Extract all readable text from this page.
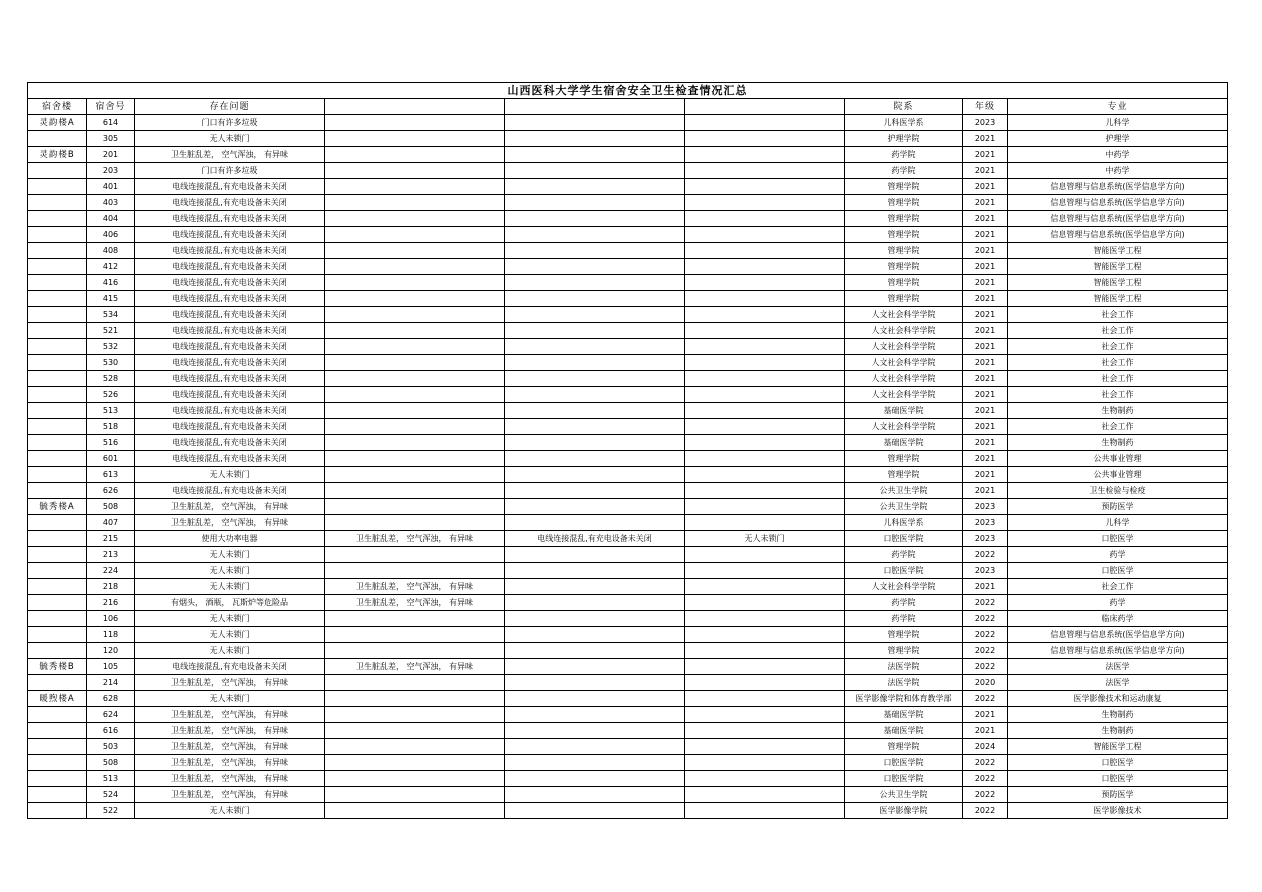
山西医科大学学生宿舍安全卫生检查情况汇总								
宿舍楼	宿舍号	存在问题				院系	年级	专业
灵韵楼A	614	门口有许多垃圾				儿科医学系	2023	儿科学
	305	无人未锁门				护理学院	2021	护理学
灵韵楼B	201	卫生脏乱差， 空气浑浊， 有异味				药学院	2021	中药学
	203	门口有许多垃圾				药学院	2021	中药学
	401	电线连接混乱,有充电设备未关闭				管理学院	2021	信息管理与信息系统(医学信息学方向)
	403	电线连接混乱,有充电设备未关闭				管理学院	2021	信息管理与信息系统(医学信息学方向)
	404	电线连接混乱,有充电设备未关闭				管理学院	2021	信息管理与信息系统(医学信息学方向)
	406	电线连接混乱,有充电设备未关闭				管理学院	2021	信息管理与信息系统(医学信息学方向)
	408	电线连接混乱,有充电设备未关闭				管理学院	2021	智能医学工程
	412	电线连接混乱,有充电设备未关闭				管理学院	2021	智能医学工程
	416	电线连接混乱,有充电设备未关闭				管理学院	2021	智能医学工程
	415	电线连接混乱,有充电设备未关闭				管理学院	2021	智能医学工程
	534	电线连接混乱,有充电设备未关闭				人文社会科学学院	2021	社会工作
	521	电线连接混乱,有充电设备未关闭				人文社会科学学院	2021	社会工作
	532	电线连接混乱,有充电设备未关闭				人文社会科学学院	2021	社会工作
	530	电线连接混乱,有充电设备未关闭				人文社会科学学院	2021	社会工作
	528	电线连接混乱,有充电设备未关闭				人文社会科学学院	2021	社会工作
	526	电线连接混乱,有充电设备未关闭				人文社会科学学院	2021	社会工作
	513	电线连接混乱,有充电设备未关闭				基础医学院	2021	生物制药
	518	电线连接混乱,有充电设备未关闭				人文社会科学学院	2021	社会工作
	516	电线连接混乱,有充电设备未关闭				基础医学院	2021	生物制药
	601	电线连接混乱,有充电设备未关闭				管理学院	2021	公共事业管理
	613	无人未锁门				管理学院	2021	公共事业管理
	626	电线连接混乱,有充电设备未关闭				公共卫生学院	2021	卫生检验与检疫
毓秀楼A	508	卫生脏乱差， 空气浑浊， 有异味				公共卫生学院	2023	预防医学
	407	卫生脏乱差， 空气浑浊， 有异味				儿科医学系	2023	儿科学
	215	使用大功率电器	卫生脏乱差， 空气浑浊， 有异味	电线连接混乱,有充电设备未关闭	无人未锁门	口腔医学院	2023	口腔医学
	213	无人未锁门				药学院	2022	药学
	224	无人未锁门				口腔医学院	2023	口腔医学
	218	无人未锁门	卫生脏乱差， 空气浑浊， 有异味			人文社会科学学院	2021	社会工作
	216	有烟头， 酒瓶， 瓦斯炉等危险品	卫生脏乱差， 空气浑浊， 有异味			药学院	2022	药学
	106	无人未锁门				药学院	2022	临床药学
	118	无人未锁门				管理学院	2022	信息管理与信息系统(医学信息学方向)
	120	无人未锁门				管理学院	2022	信息管理与信息系统(医学信息学方向)
毓秀楼B	105	电线连接混乱,有充电设备未关闭	卫生脏乱差， 空气浑浊， 有异味			法医学院	2022	法医学
	214	卫生脏乱差， 空气浑浊， 有异味				法医学院	2020	法医学
暖煦楼A	628	无人未锁门				医学影像学院和体育教学部	2022	医学影像技术和运动康复
	624	卫生脏乱差， 空气浑浊， 有异味				基础医学院	2021	生物制药
	616	卫生脏乱差， 空气浑浊， 有异味				基础医学院	2021	生物制药
	503	卫生脏乱差， 空气浑浊， 有异味				管理学院	2024	智能医学工程
	508	卫生脏乱差， 空气浑浊， 有异味				口腔医学院	2022	口腔医学
	513	卫生脏乱差， 空气浑浊， 有异味				口腔医学院	2022	口腔医学
	524	卫生脏乱差， 空气浑浊， 有异味				公共卫生学院	2022	预防医学
	522	无人未锁门				医学影像学院	2022	医学影像技术
